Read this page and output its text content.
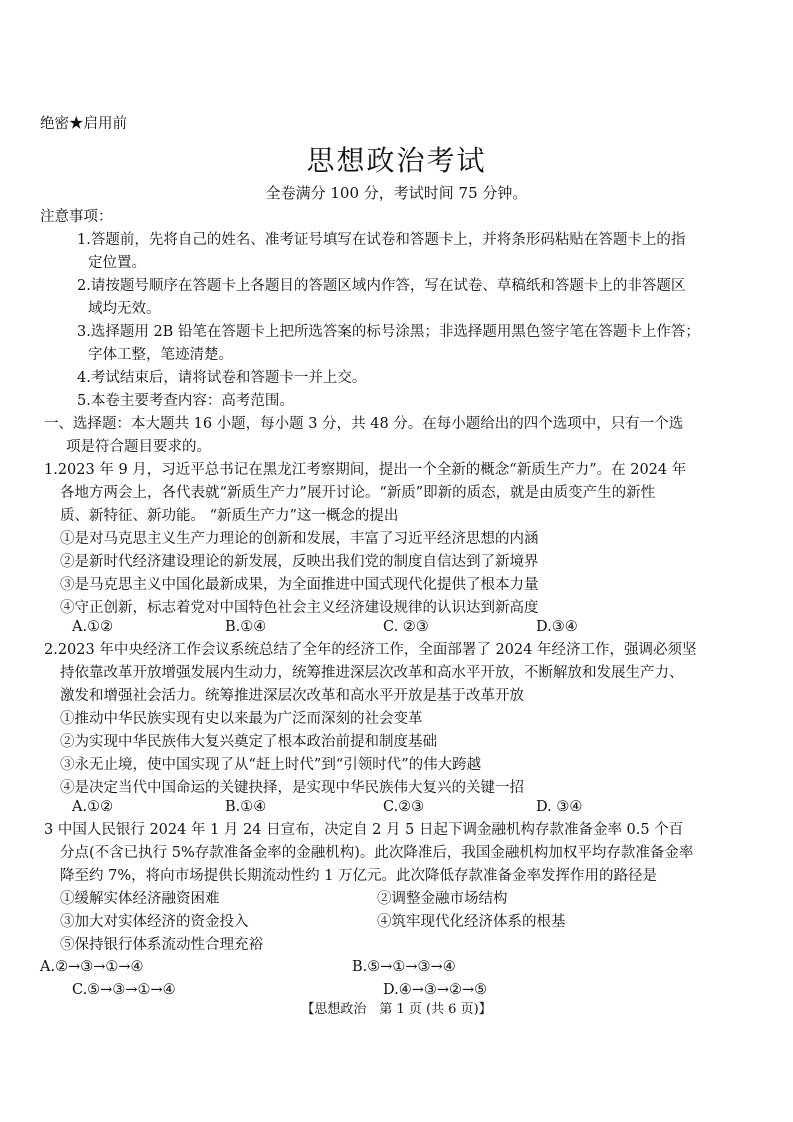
绝密★启用前
思想政治考试
全卷满分 100 分，考试时间 75 分钟。
注意事项：
1.答题前，先将自己的姓名、准考证号填写在试卷和答题卡上，并将条形码粘贴在答题卡上的指
定位置。
2.请按题号顺序在答题卡上各题目的答题区域内作答，写在试卷、草稿纸和答题卡上的非答题区
域均无效。
3.选择题用 2B 铅笔在答题卡上把所选答案的标号涂黑；非选择题用黑色签字笔在答题卡上作答；
字体工整，笔迹清楚。
4.考试结束后，请将试卷和答题卡一并上交。
5.本卷主要考查内容：高考范围。
一、选择题：本大题共 16 小题，每小题 3 分，共 48 分。在每小题给出的四个选项中，只有一个选
项是符合题目要求的。
1.2023 年 9 月，习近平总书记在黑龙江考察期间，提出一个全新的概念“新质生产力”。在 2024 年
各地方两会上，各代表就“新质生产力”展开讨论。“新质”即新的质态，就是由质变产生的新性
质、新特征、新功能。 “新质生产力”这一概念的提出
①是对马克思主义生产力理论的创新和发展，丰富了习近平经济思想的内涵
②是新时代经济建设理论的新发展，反映出我们党的制度自信达到了新境界
③是马克思主义中国化最新成果，为全面推进中国式现代化提供了根本力量
④守正创新，标志着党对中国特色社会主义经济建设规律的认识达到新高度
A.①②	B.①④	C. ②③	D.③④
2.2023 年中央经济工作会议系统总结了全年的经济工作，全面部署了 2024 年经济工作，强调必须坚
持依靠改革开放增强发展内生动力，统筹推进深层次改革和高水平开放，不断解放和发展生产力、
激发和增强社会活力。统筹推进深层次改革和高水平开放是基于改革开放
①推动中华民族实现有史以来最为广泛而深刻的社会变革
②为实现中华民族伟大复兴奠定了根本政治前提和制度基础
③永无止境，使中国实现了从“赶上时代”到“引领时代”的伟大跨越
④是决定当代中国命运的关键抉择，是实现中华民族伟大复兴的关键一招
A.①②	B.①④	C.②③	D. ③④
3 中国人民银行 2024 年 1 月 24 日宣布，决定自 2 月 5 日起下调金融机构存款准备金率 0.5 个百
分点(不含已执行 5%存款准备金率的金融机构)。此次降准后，我国金融机构加权平均存款准备金率
降至约 7%，将向市场提供长期流动性约 1 万亿元。此次降低存款准备金率发挥作用的路径是
①缓解实体经济融资困难	②调整金融市场结构
③加大对实体经济的资金投入	④筑牢现代化经济体系的根基
⑤保持银行体系流动性合理充裕
A.②→③→①→④	B.⑤→①→③→④
C.⑤→③→①→④	D.④→③→②→⑤
【思想政治　第 1 页 (共 6 页)】
